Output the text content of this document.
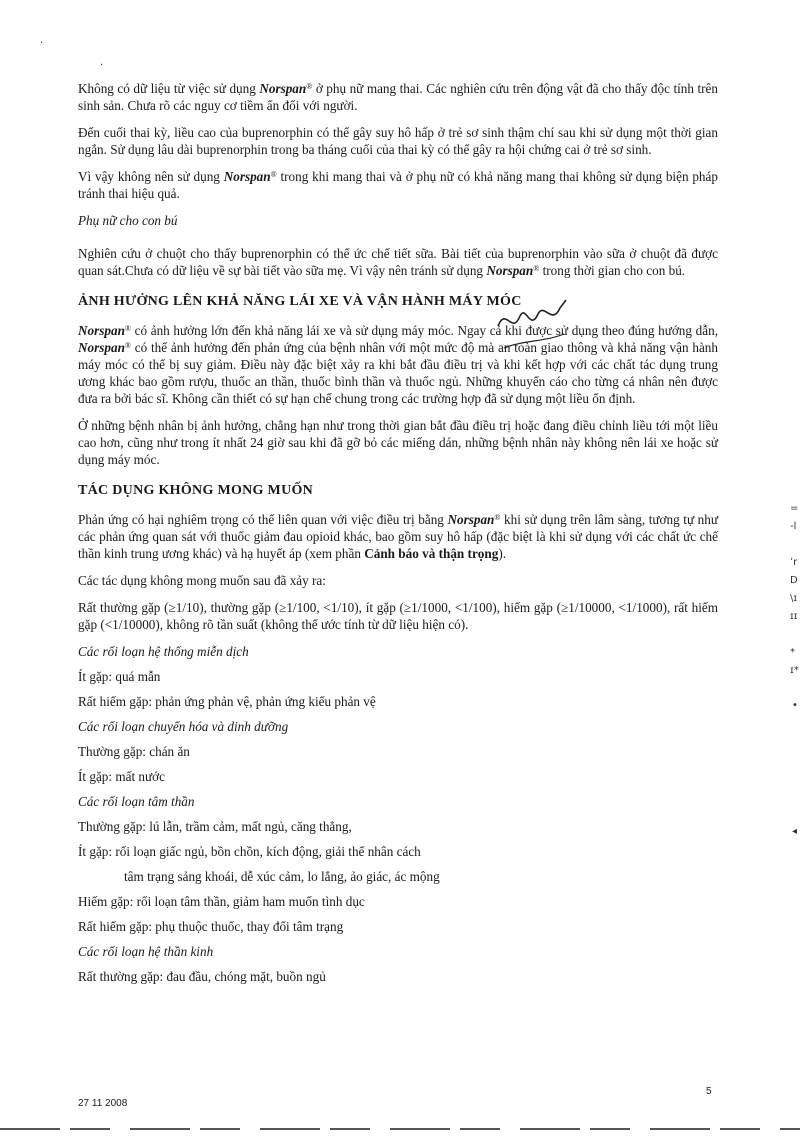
·
·

Không có dữ liệu từ việc sử dụng Norspan® ở phụ nữ mang thai. Các nghiên cứu trên động vật đã cho thấy độc tính trên sinh sản. Chưa rõ các nguy cơ tiềm ẩn đối với người.

Đến cuối thai kỳ, liều cao của buprenorphin có thể gây suy hô hấp ở trẻ sơ sinh thậm chí sau khi sử dụng một thời gian ngắn. Sử dụng lâu dài buprenorphin trong ba tháng cuối của thai kỳ có thể gây ra hội chứng cai ở trẻ sơ sinh.

Vì vậy không nên sử dụng Norspan® trong khi mang thai và ở phụ nữ có khả năng mang thai không sử dụng biện pháp tránh thai hiệu quả.

Phụ nữ cho con bú

Nghiên cứu ở chuột cho thấy buprenorphin có thể ức chế tiết sữa. Bài tiết của buprenorphin vào sữa ở chuột đã được quan sát.Chưa có dữ liệu về sự bài tiết vào sữa mẹ. Vì vậy nên tránh sử dụng Norspan® trong thời gian cho con bú.

ẢNH HƯỞNG LÊN KHẢ NĂNG LÁI XE VÀ VẬN HÀNH MÁY MÓC

Norspan® có ảnh hưởng lớn đến khả năng lái xe và sử dụng máy móc. Ngay cả khi được sử dụng theo đúng hướng dẫn, Norspan® có thể ảnh hưởng đến phản ứng của bệnh nhân với một mức độ mà an toàn giao thông và khả năng vận hành máy móc có thể bị suy giảm. Điều này đặc biệt xảy ra khi bắt đầu điều trị và khi kết hợp với các chất tác dụng trung ương khác bao gồm rượu, thuốc an thần, thuốc bình thần và thuốc ngủ. Những khuyến cáo cho từng cá nhân nên được đưa ra bởi bác sĩ. Không cần thiết có sự hạn chế chung trong các trường hợp đã sử dụng một liều ổn định.

Ở những bệnh nhân bị ảnh hưởng, chẳng hạn như trong thời gian bắt đầu điều trị hoặc đang điều chỉnh liều tới một liều cao hơn, cũng như trong ít nhất 24 giờ sau khi đã gỡ bỏ các miếng dán, những bệnh nhân này không nên lái xe hoặc sử dụng máy móc.

TÁC DỤNG KHÔNG MONG MUỐN

Phản ứng có hại nghiêm trọng có thể liên quan với việc điều trị bằng Norspan® khi sử dụng trên lâm sàng, tương tự như các phản ứng quan sát với thuốc giảm đau opioid khác, bao gồm suy hô hấp (đặc biệt là khi sử dụng với các chất ức chế thần kinh trung ương khác) và hạ huyết áp (xem phần Cảnh báo và thận trọng).

Các tác dụng không mong muốn sau đã xảy ra:

Rất thường gặp (≥1/10), thường gặp (≥1/100, <1/10), ít gặp (≥1/1000, <1/100), hiếm gặp (≥1/10000, <1/1000), rất hiếm gặp (<1/10000), không rõ tần suất (không thể ước tính từ dữ liệu hiện có).

Các rối loạn hệ thống miễn dịch
Ít gặp: quá mẫn
Rất hiếm gặp: phản ứng phản vệ, phản ứng kiểu phản vệ
Các rối loạn chuyển hóa và dinh dưỡng
Thường gặp: chán ăn
Ít gặp: mất nước
Các rối loạn tâm thần
Thường gặp: lú lẫn, trầm cảm, mất ngủ, căng thẳng,
Ít gặp: rối loạn giấc ngủ, bồn chồn, kích động, giải thể nhân cách
tâm trạng sảng khoái, dễ xúc cảm, lo lắng, ảo giác, ác mộng
Hiếm gặp: rối loạn tâm thần, giảm ham muốn tình dục
Rất hiếm gặp: phụ thuộc thuốc, thay đổi tâm trạng
Các rối loạn hệ thần kinh
Rất thường gặp: đau đầu, chóng mặt, buồn ngủ
=
-l

ʼr
D
\ɪ
ɪɪ

*
ɪ*
•
◂
27 11 2008
5
